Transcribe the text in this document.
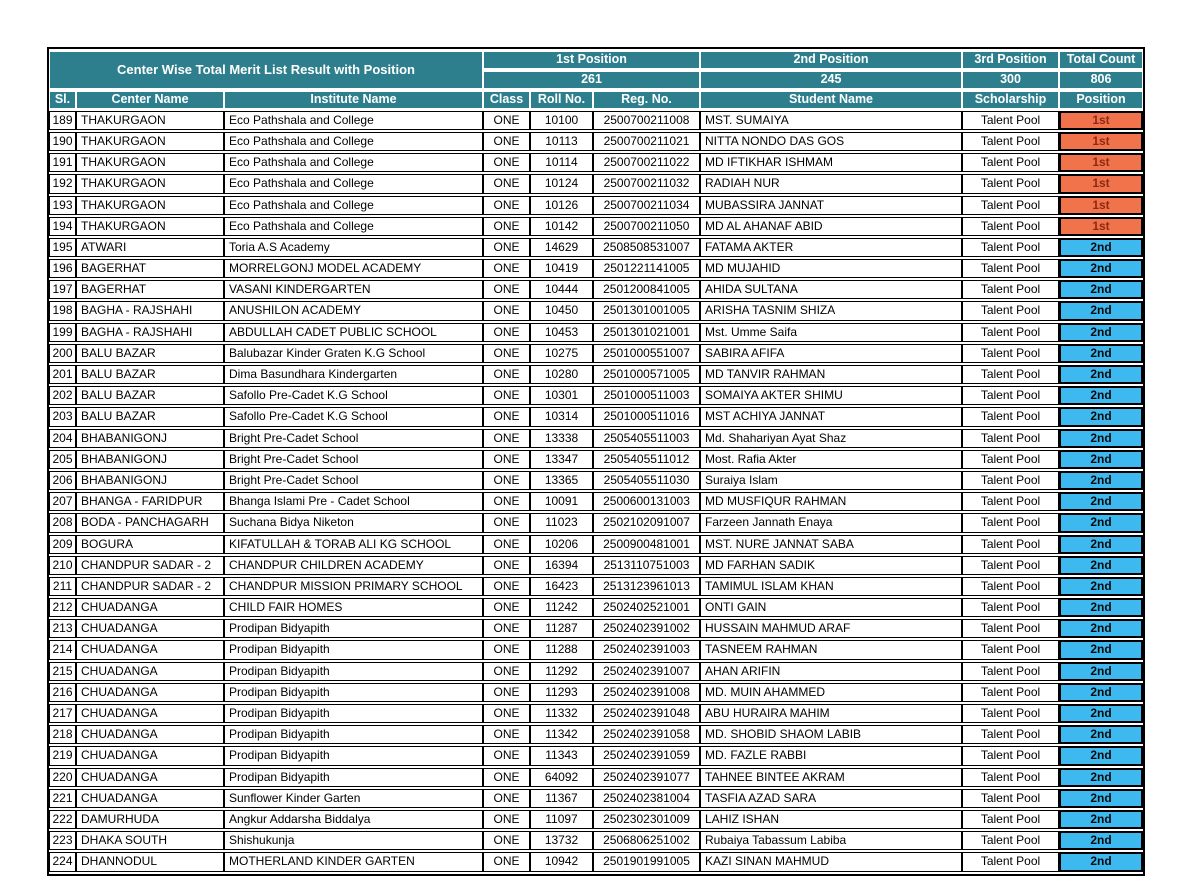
Center Wise Total Merit List Result with Position			1st Position			2nd Position	3rd Position	Total Count
			261			245	300	806
Sl.	Center Name	Institute Name	Class	Roll No.	Reg. No.	Student Name	Scholarship	Position
189	THAKURGAON	Eco Pathshala and College	ONE	10100	2500700211008	MST. SUMAIYA	Talent Pool	1st
190	THAKURGAON	Eco Pathshala and College	ONE	10113	2500700211021	NITTA NONDO DAS GOS	Talent Pool	1st
191	THAKURGAON	Eco Pathshala and College	ONE	10114	2500700211022	MD IFTIKHAR ISHMAM	Talent Pool	1st
192	THAKURGAON	Eco Pathshala and College	ONE	10124	2500700211032	RADIAH NUR	Talent Pool	1st
193	THAKURGAON	Eco Pathshala and College	ONE	10126	2500700211034	MUBASSIRA JANNAT	Talent Pool	1st
194	THAKURGAON	Eco Pathshala and College	ONE	10142	2500700211050	MD AL AHANAF ABID	Talent Pool	1st
195	ATWARI	Toria A.S Academy	ONE	14629	2508508531007	FATAMA AKTER	Talent Pool	2nd
196	BAGERHAT	MORRELGONJ MODEL ACADEMY	ONE	10419	2501221141005	MD MUJAHID	Talent Pool	2nd
197	BAGERHAT	VASANI KINDERGARTEN	ONE	10444	2501200841005	AHIDA SULTANA	Talent Pool	2nd
198	BAGHA - RAJSHAHI	ANUSHILON ACADEMY	ONE	10450	2501301001005	ARISHA TASNIM SHIZA	Talent Pool	2nd
199	BAGHA - RAJSHAHI	ABDULLAH CADET PUBLIC SCHOOL	ONE	10453	2501301021001	Mst. Umme Saifa	Talent Pool	2nd
200	BALU BAZAR	Balubazar Kinder Graten K.G School	ONE	10275	2501000551007	SABIRA AFIFA	Talent Pool	2nd
201	BALU BAZAR	Dima Basundhara Kindergarten	ONE	10280	2501000571005	MD TANVIR RAHMAN	Talent Pool	2nd
202	BALU BAZAR	Safollo Pre-Cadet K.G School	ONE	10301	2501000511003	SOMAIYA AKTER SHIMU	Talent Pool	2nd
203	BALU BAZAR	Safollo Pre-Cadet K.G School	ONE	10314	2501000511016	MST ACHIYA JANNAT	Talent Pool	2nd
204	BHABANIGONJ	Bright Pre-Cadet School	ONE	13338	2505405511003	Md. Shahariyan Ayat Shaz	Talent Pool	2nd
205	BHABANIGONJ	Bright Pre-Cadet School	ONE	13347	2505405511012	Most. Rafia Akter	Talent Pool	2nd
206	BHABANIGONJ	Bright Pre-Cadet School	ONE	13365	2505405511030	Suraiya Islam	Talent Pool	2nd
207	BHANGA - FARIDPUR	Bhanga Islami Pre - Cadet School	ONE	10091	2500600131003	MD MUSFIQUR RAHMAN	Talent Pool	2nd
208	BODA - PANCHAGARH	Suchana Bidya Niketon	ONE	11023	2502102091007	Farzeen Jannath Enaya	Talent Pool	2nd
209	BOGURA	KIFATULLAH & TORAB ALI KG SCHOOL	ONE	10206	2500900481001	MST. NURE JANNAT SABA	Talent Pool	2nd
210	CHANDPUR SADAR - 2	CHANDPUR CHILDREN ACADEMY	ONE	16394	2513110751003	MD FARHAN SADIK	Talent Pool	2nd
211	CHANDPUR SADAR - 2	CHANDPUR MISSION PRIMARY SCHOOL	ONE	16423	2513123961013	TAMIMUL ISLAM KHAN	Talent Pool	2nd
212	CHUADANGA	CHILD FAIR HOMES	ONE	11242	2502402521001	ONTI GAIN	Talent Pool	2nd
213	CHUADANGA	Prodipan Bidyapith	ONE	11287	2502402391002	HUSSAIN MAHMUD ARAF	Talent Pool	2nd
214	CHUADANGA	Prodipan Bidyapith	ONE	11288	2502402391003	TASNEEM RAHMAN	Talent Pool	2nd
215	CHUADANGA	Prodipan Bidyapith	ONE	11292	2502402391007	AHAN ARIFIN	Talent Pool	2nd
216	CHUADANGA	Prodipan Bidyapith	ONE	11293	2502402391008	MD. MUIN AHAMMED	Talent Pool	2nd
217	CHUADANGA	Prodipan Bidyapith	ONE	11332	2502402391048	ABU HURAIRA MAHIM	Talent Pool	2nd
218	CHUADANGA	Prodipan Bidyapith	ONE	11342	2502402391058	MD. SHOBID SHAOM LABIB	Talent Pool	2nd
219	CHUADANGA	Prodipan Bidyapith	ONE	11343	2502402391059	MD. FAZLE RABBI	Talent Pool	2nd
220	CHUADANGA	Prodipan Bidyapith	ONE	64092	2502402391077	TAHNEE BINTEE AKRAM	Talent Pool	2nd
221	CHUADANGA	Sunflower Kinder Garten	ONE	11367	2502402381004	TASFIA AZAD SARA	Talent Pool	2nd
222	DAMURHUDA	Angkur Addarsha Biddalya	ONE	11097	2502302301009	LAHIZ ISHAN	Talent Pool	2nd
223	DHAKA SOUTH	Shishukunja	ONE	13732	2506806251002	Rubaiya Tabassum Labiba	Talent Pool	2nd
224	DHANNODUL	MOTHERLAND KINDER GARTEN	ONE	10942	2501901991005	KAZI SINAN MAHMUD	Talent Pool	2nd
